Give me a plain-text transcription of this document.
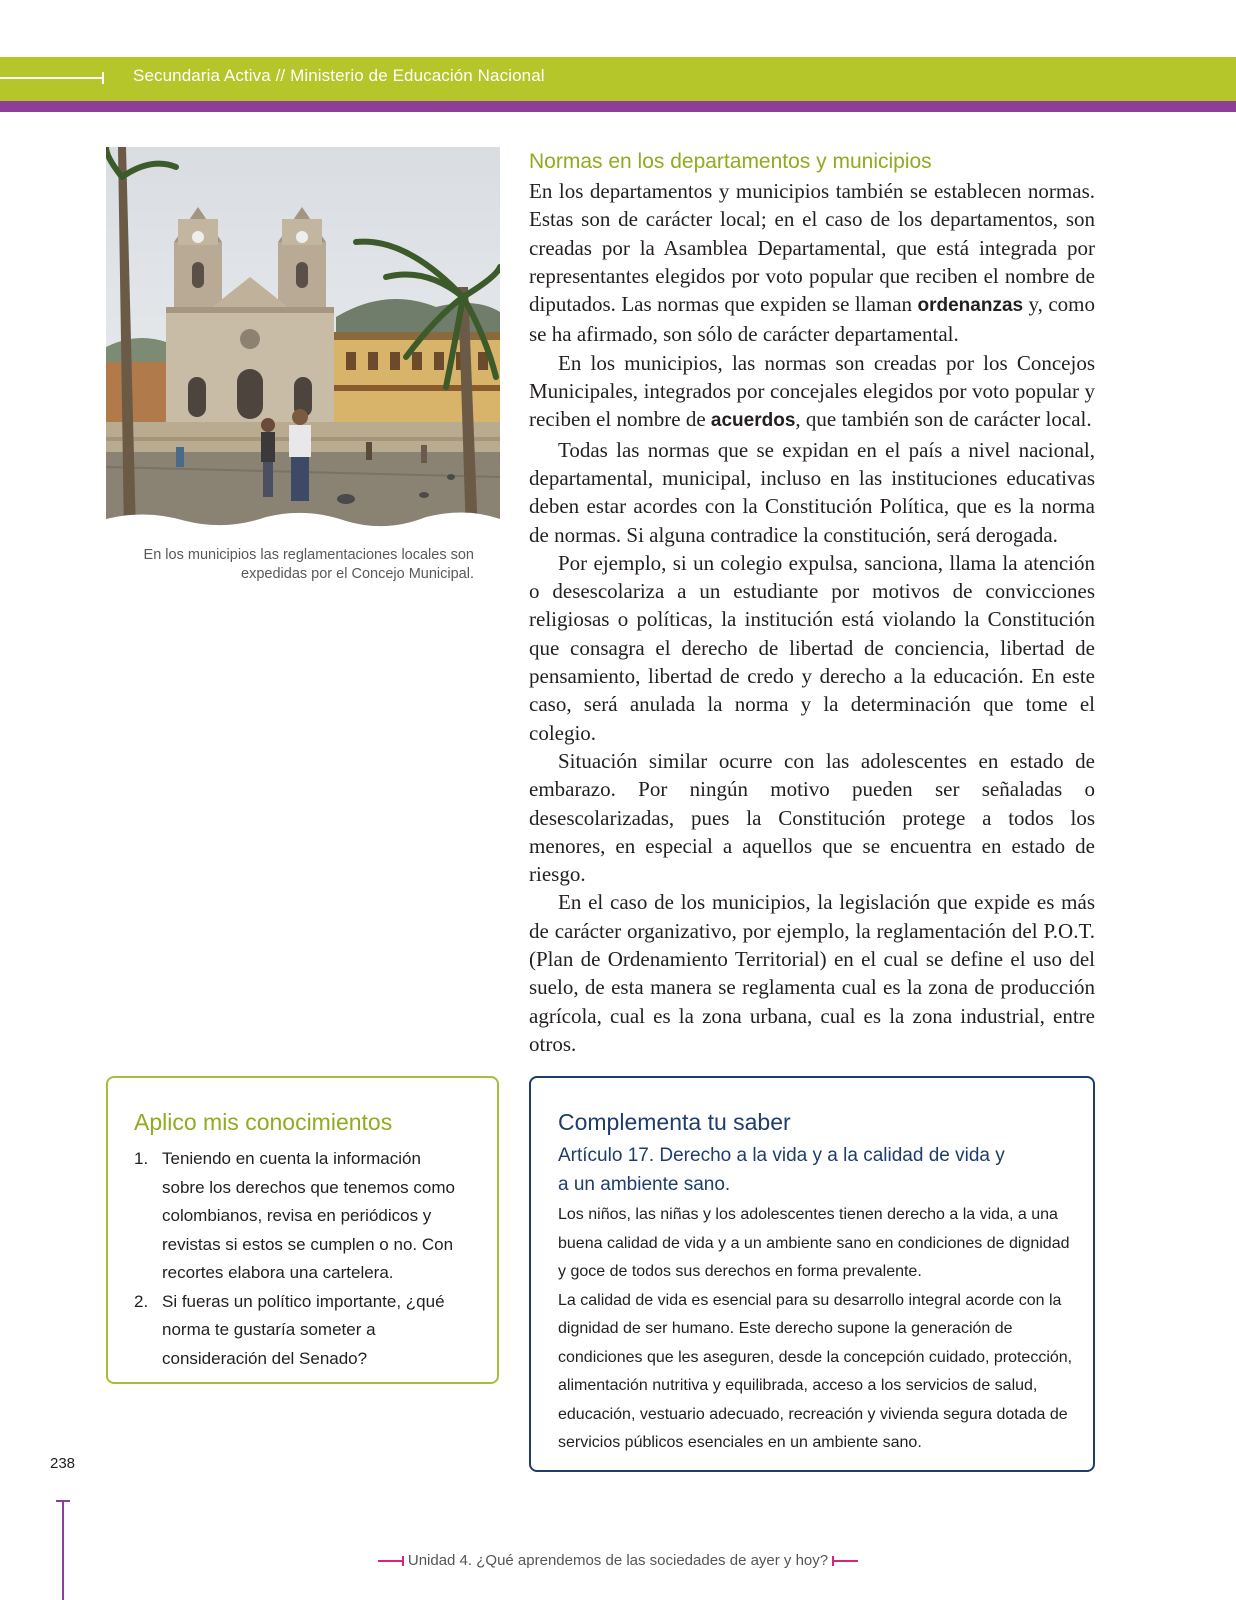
Secundaria Activa // Ministerio de Educación Nacional
En los municipios las reglamentaciones locales son expedidas por el Concejo Municipal.
Normas en los departamentos y municipios

En los departamentos y municipios también se establecen normas. Estas son de carácter local; en el caso de los departamentos, son creadas por la Asamblea Departamental, que está integrada por representantes elegidos por voto popular que reciben el nombre de diputados. Las normas que expiden se llaman ordenanzas y, como se ha afirmado, son sólo de carácter departamental.

En los municipios, las normas son creadas por los Concejos Municipales, integrados por concejales elegidos por voto popular y reciben el nombre de acuerdos, que también son de carácter local.

Todas las normas que se expidan en el país a nivel nacional, departamental, municipal, incluso en las instituciones educativas deben estar acordes con la Constitución Política, que es la norma de normas. Si alguna contradice la constitución, será derogada.

Por ejemplo, si un colegio expulsa, sanciona, llama la atención o desescolariza a un estudiante por motivos de convicciones religiosas o políticas, la institución está violando la Constitución que consagra el derecho de libertad de conciencia, libertad de pensamiento, libertad de credo y derecho a la educación. En este caso, será anulada la norma y la determinación que tome el colegio.

Situación similar ocurre con las adolescentes en estado de embarazo. Por ningún motivo pueden ser señaladas o desescolarizadas, pues la Constitución protege a todos los menores, en especial a aquellos que se encuentra en estado de riesgo.

En el caso de los municipios, la legislación que expide es más de carácter organizativo, por ejemplo, la reglamentación del P.O.T. (Plan de Ordenamiento Territorial) en el cual se define el uso del suelo, de esta manera se reglamenta cual es la zona de producción agrícola, cual es la zona urbana, cual es la zona industrial, entre otros.

Aplico mis conocimientos
1. Teniendo en cuenta la información sobre los derechos que tenemos como colombianos, revisa en periódicos y revistas si estos se cumplen o no. Con recortes elabora una cartelera.
2. Si fueras un político importante, ¿qué norma te gustaría someter a consideración del Senado?
Complementa tu saber
Artículo 17. Derecho a la vida y a la calidad de vida y a un ambiente sano.

Los niños, las niñas y los adolescentes tienen derecho a la vida, a una buena calidad de vida y a un ambiente sano en condiciones de dignidad y goce de todos sus derechos en forma prevalente.

La calidad de vida es esencial para su desarrollo integral acorde con la dignidad de ser humano. Este derecho supone la generación de condiciones que les aseguren, desde la concepción cuidado, protección, alimentación nutritiva y equilibrada, acceso a los servicios de salud, educación, vestuario adecuado, recreación y vivienda segura dotada de servicios públicos esenciales en un ambiente sano.

238
Unidad 4. ¿Qué aprendemos de las sociedades de ayer y hoy?
